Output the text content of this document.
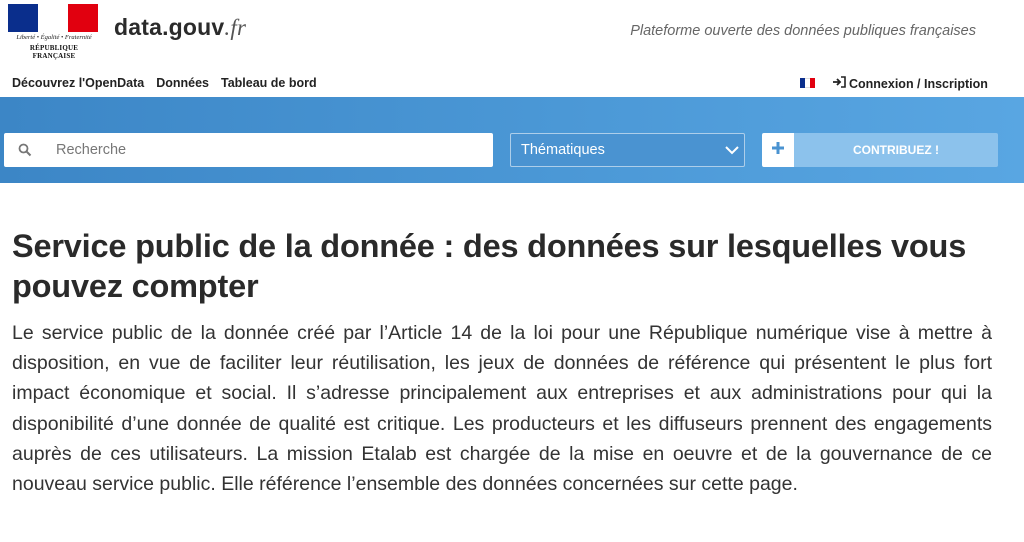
Liberté • Égalité • Fraternité
RÉPUBLIQUE FRANÇAISE
data.gouv.fr	Plateforme ouverte des données publiques françaises
Découvrez l'OpenData Données Tableau de bord	Connexion / Inscription
Recherche
Thématiques	CONTRIBUEZ !
Service public de la donnée : des données sur lesquelles vous pouvez compter

Le service public de la donnée créé par l’Article 14 de la loi pour une République numérique vise à mettre à disposition, en vue de faciliter leur réutilisation, les jeux de données de référence qui présentent le plus fort impact économique et social. Il s’adresse principalement aux entreprises et aux administrations pour qui la disponibilité d’une donnée de qualité est critique. Les producteurs et les diffuseurs prennent des engagements auprès de ces utilisateurs. La mission Etalab est chargée de la mise en oeuvre et de la gouvernance de ce nouveau service public. Elle référence l’ensemble des données concernées sur cette page.
